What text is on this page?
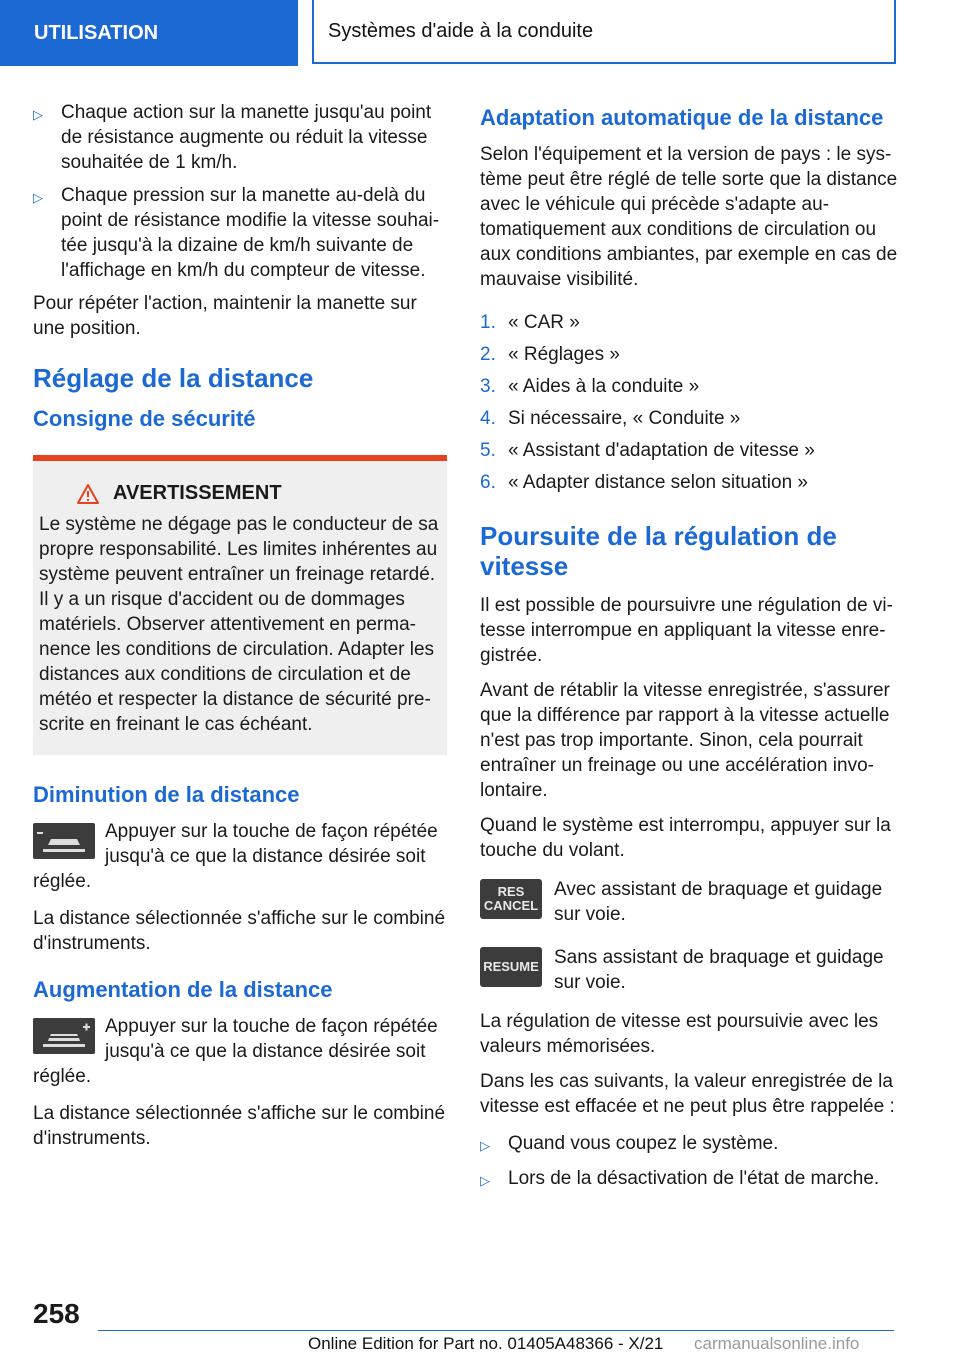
UTILISATION	Systèmes d'aide à la conduite
▷ Chaque action sur la manette jusqu'au point de résistance augmente ou réduit la vitesse souhaitée de 1 km/h.
▷ Chaque pression sur la manette au-delà du point de résistance modifie la vitesse souhaitée jusqu'à la dizaine de km/h suivante de l'affichage en km/h du compteur de vitesse.

Pour répéter l'action, maintenir la manette sur une position.

Réglage de la distance
Consigne de sécurité
AVERTISSEMENT
Le système ne dégage pas le conducteur de sa propre responsabilité. Les limites inhérentes au système peuvent entraîner un freinage retardé. Il y a un risque d'accident ou de dommages matériels. Observer attentivement en permanence les conditions de circulation. Adapter les distances aux conditions de circulation et de météo et respecter la distance de sécurité prescrite en freinant le cas échéant.
Diminution de la distance
Appuyer sur la touche de façon répétée jusqu'à ce que la distance désirée soit réglée.

La distance sélectionnée s'affiche sur le combiné d'instruments.

Augmentation de la distance
Appuyer sur la touche de façon répétée jusqu'à ce que la distance désirée soit réglée.

La distance sélectionnée s'affiche sur le combiné d'instruments.

Adaptation automatique de la distance

Selon l'équipement et la version de pays : le système peut être réglé de telle sorte que la distance avec le véhicule qui précède s'adapte automatiquement aux conditions de circulation ou aux conditions ambiantes, par exemple en cas de mauvaise visibilité.

1. « CAR »
2. « Réglages »
3. « Aides à la conduite »
4. Si nécessaire, « Conduite »
5. « Assistant d'adaptation de vitesse »
6. « Adapter distance selon situation »
Poursuite de la régulation de vitesse

Il est possible de poursuivre une régulation de vitesse interrompue en appliquant la vitesse enregistrée.

Avant de rétablir la vitesse enregistrée, s'assurer que la différence par rapport à la vitesse actuelle n'est pas trop importante. Sinon, cela pourrait entraîner un freinage ou une accélération involontaire.

Quand le système est interrompu, appuyer sur la touche du volant.

RES
CANCEL
Avec assistant de braquage et guidage sur voie.
RESUME Sans assistant de braquage et guidage sur voie.

La régulation de vitesse est poursuivie avec les valeurs mémorisées.

Dans les cas suivants, la valeur enregistrée de la vitesse est effacée et ne peut plus être rappelée :

▷ Quand vous coupez le système.
▷ Lors de la désactivation de l'état de marche.
258
Online Edition for Part no. 01405A48366 - X/21 carmanualsonline.info
